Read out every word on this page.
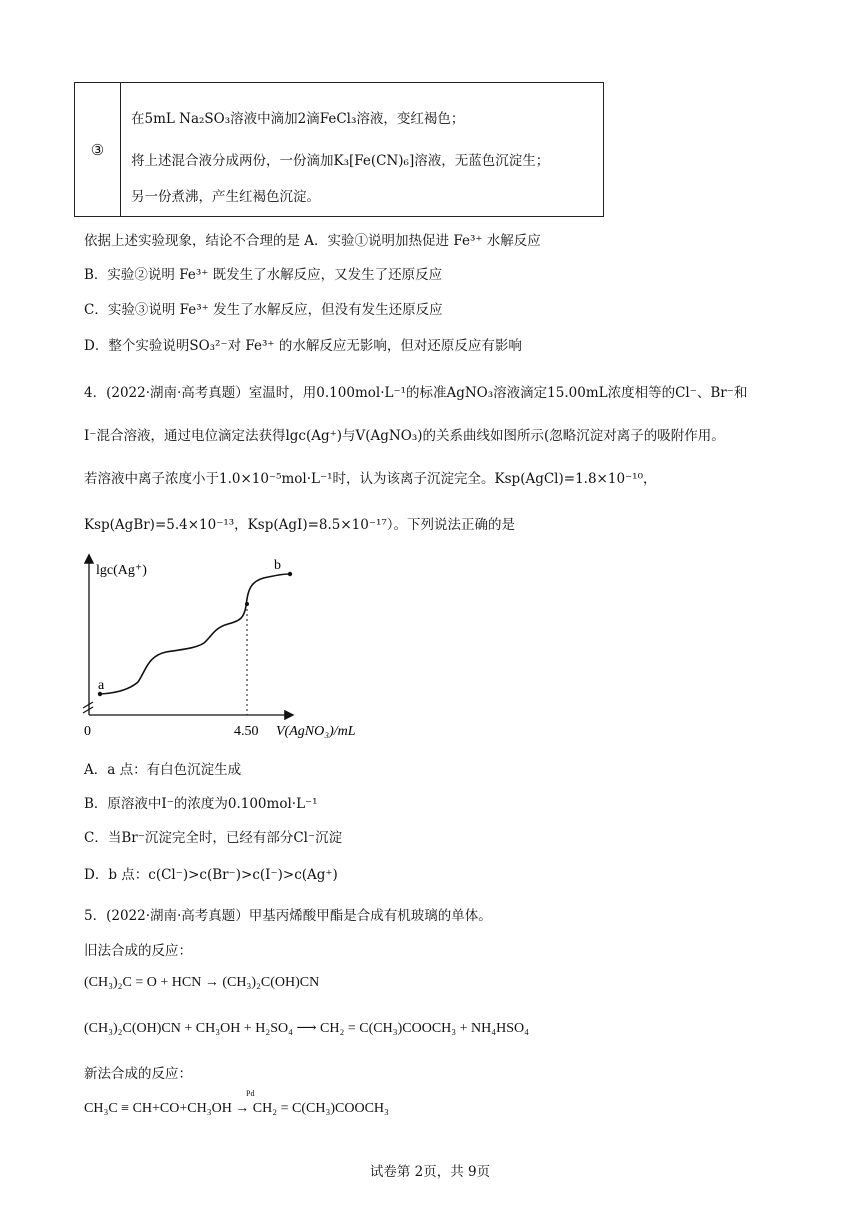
③
在5mL Na₂SO₃溶液中滴加2滴FeCl₃溶液，变红褐色；
将上述混合液分成两份，一份滴加K₃[Fe(CN)₆]溶液，无蓝色沉淀生；
另一份煮沸，产生红褐色沉淀。
依据上述实验现象，结论不合理的是 A．实验①说明加热促进 Fe³⁺ 水解反应
B．实验②说明 Fe³⁺ 既发生了水解反应，又发生了还原反应
C．实验③说明 Fe³⁺ 发生了水解反应，但没有发生还原反应
D．整个实验说明SO₃²⁻对 Fe³⁺ 的水解反应无影响，但对还原反应有影响
4．(2022·湖南·高考真题）室温时，用0.100mol·L⁻¹的标准AgNO₃溶液滴定15.00mL浓度相等的Cl⁻、Br⁻和
I⁻混合溶液，通过电位滴定法获得lgc(Ag⁺)与V(AgNO₃)的关系曲线如图所示(忽略沉淀对离子的吸附作用。
若溶液中离子浓度小于1.0×10⁻⁵mol·L⁻¹时，认为该离子沉淀完全。Ksp(AgCl)=1.8×10⁻¹⁰，
Ksp(AgBr)=5.4×10⁻¹³，Ksp(AgI)=8.5×10⁻¹⁷）。下列说法正确的是
lgc(Ag⁺)
a
b
0	4.50 V(AgNO₃)/mL
A．a 点：有白色沉淀生成
B．原溶液中I⁻的浓度为0.100mol·L⁻¹
C．当Br⁻沉淀完全时，已经有部分Cl⁻沉淀
D．b 点：c(Cl⁻)>c(Br⁻)>c(I⁻)>c(Ag⁺)
5．(2022·湖南·高考真题）甲基丙烯酸甲酯是合成有机玻璃的单体。
旧法合成的反应：
(CH₃)₂C = O + HCN → (CH₃)₂C(OH)CN
(CH₃)₂C(OH)CN + CH₃OH + H₂SO₄ ⟶ CH₂ = C(CH₃)COOCH₃ + NH₄HSO₄
新法合成的反应：
Pd
CH₃C ≡ CH+CO+CH₃OH → CH₂ = C(CH₃)COOCH₃
试卷第 2页，共 9页
